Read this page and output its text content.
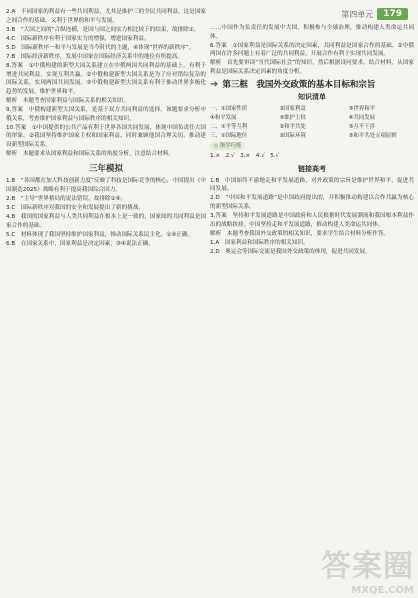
第四单元	179

2.A　不同国家的利益有一些共同利益，尤其是维护三的全民共同利益，这是国家之间合作的基础，又利于世界的和平与发展。

3.B　“大国之间的”合纵连横，是国与国之间实力相比较下的结果，故排除①。

4.C　国际新秩序有利于国家实力的增强，增进国家利益。

5.D　国际新秩序一和平与发展是当今时代的主题，④体现“世界的新秩序”。

7.B　国际经济新秩序，发展中国家在国际经济关系中的地位有所提高。

8.答案　①中俄构建的新型大国关系建立在中俄两国共同利益的基础上，有利于增进共同利益，实现互利共赢。②中俄构建新型大国关系是为了应对错综复杂的国际关系，实现两国共同发展。③中俄构建新型大国关系有利于推动世界多极化趋势的发展，维护世界和平。

解析　本题考查国家利益与国际关系的相关知识。

9.答案　中俄构建新型大国关系，是基于双方共同利益的选择。该题要求分析中俄关系，考查维护国家利益与国际秩序的相关知识。

10.答案　①中国提供的公共产品有利于世界各国共同发展，体现中国负责任大国的形象。②我国坚持维护国家主权和国家利益，同时兼顾他国合理关切，推动建设新型国际关系。

解析　本题要求从国家利益和国际关系的角度分析，注意结合材料。

三年模拟

1.B　“各国都在加大科技创新力度”反映了科技是国际竞争的核心，中国提出《中国制造2025》战略有利于提高我国综合国力。

2.B　“主导”世界格局的说法错误，故排除①④。

3.C　国际新秩序对我国的安全和发展提出了新的挑战。

4.B　我国的国家利益与人类共同利益在根本上是一致的，国家间的共同利益是国家合作的基础。

5.C　材料体现了我国坚持维护国家利益，推动国际关系民主化，①④正确。

6.B　在国家关系中，国家利益是决定因素，③④说法正确。

……中国作为负责任的发展中大国，积极参与全球治理，推动构建人类命运共同体。

6.答案　①国家利益是国际关系的决定因素，共同利益是国家合作的基础。②中俄两国在许多问题上有着广泛的共同利益，开展合作有利于实现共同发展。

解析　首先要审读“当代国际社会”的知识，然后根据设问要求，结合材料，从国家利益是国际关系决定因素的角度分析。

➜ 第三框　我国外交政策的基本目标和宗旨
知识清单
一、①国家性质	②国家利益	③世界和平
④和平发展	⑤维护主权	⑥共同发展
二、①平等互利	②和平共处	③互不干涉
三、①国际地位	②国际环境	③和平共处五项原则
◇ 渐学巧练

1.×　2.√　3.×　4.√　5.√

链接高考

1.B　中国始终不渝地走和平发展道路，对外政策的宗旨是维护世界和平、促进共同发展。

2.D　“中国和平发展道路”是中国政府提出的，并积极推动构建以合作共赢为核心的新型国际关系。

3.答案　坚持和平发展道路是中国政府和人民根据时代发展潮流和我国根本利益作出的战略抉择。中国坚持走和平发展道路，推动构建人类命运共同体。

解析　本题考查我国外交政策的相关知识，要求学生结合材料分析作答。

1.A　国家利益和国际秩序的相关知识。

2.D　奥运会等国际交流是我国外交政策的体现，促进共同发展。

答案圈
MXQE.COM
